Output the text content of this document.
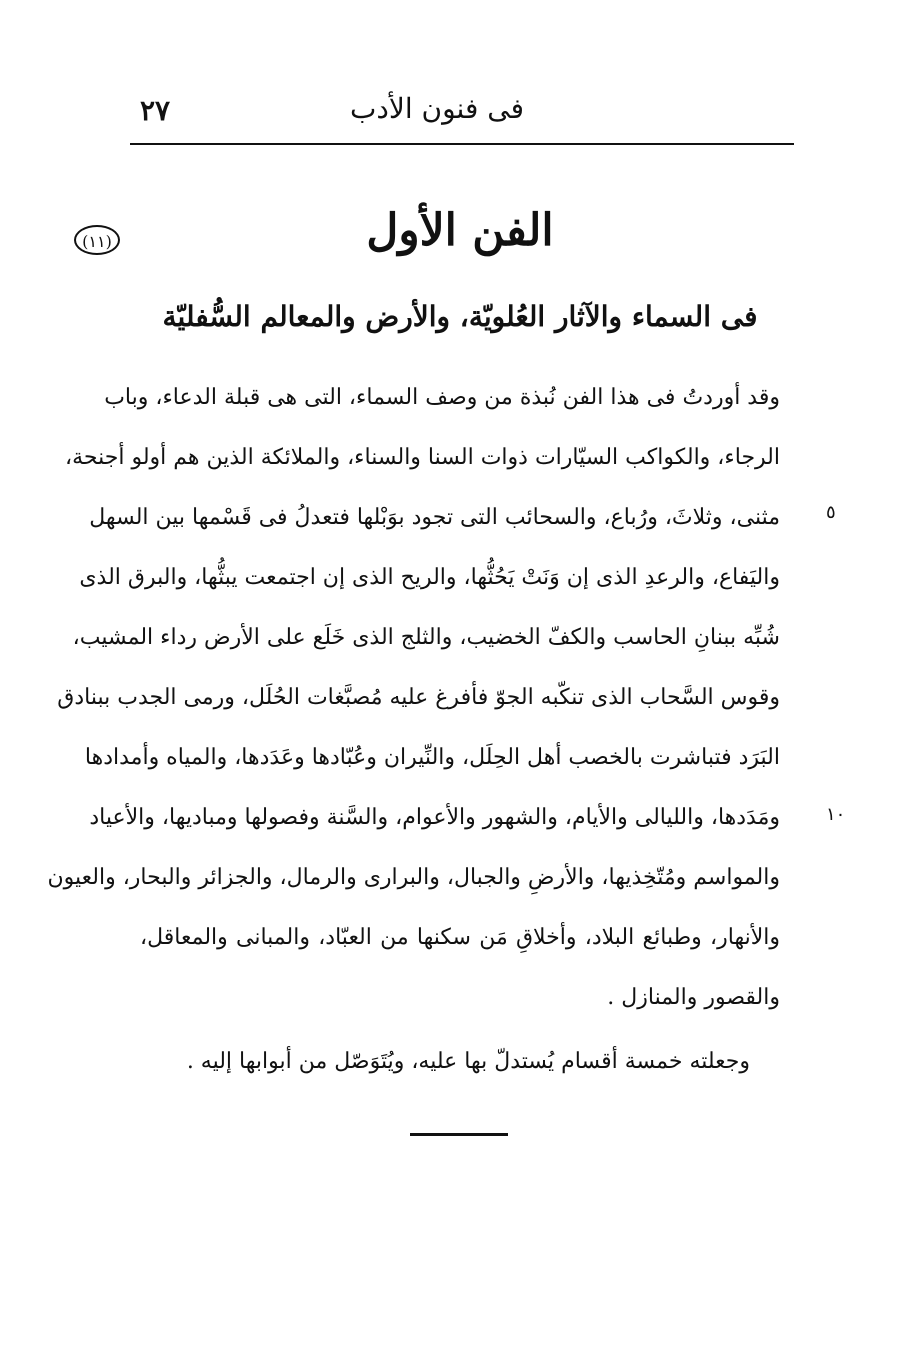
فى فنون الأدب
٢٧
(١١)	الفن الأول
فى السماء والآثار العُلويّة، والأرض والمعالم السُّفليّة
وقد أوردتُ فى هذا الفن نُبذة من وصف السماء، التى هى قبلة الدعاء، وباب
الرجاء، والكواكب السيّارات ذوات السنا والسناء، والملائكة الذين هم أولو أجنحة،
مثنى، وثلاثَ، ورُباع، والسحائب التى تجود بوَبْلها فتعدلُ فى قَسْمها بين السهل
واليَفاع، والرعدِ الذى إن وَنَتْ يَحُثُّها، والريح الذى إن اجتمعت يبثُّها، والبرق الذى
شُبِّه ببنانِ الحاسب والكفّ الخضيب، والثلج الذى خَلَع على الأرض رداء المشيب،
وقوس السَّحاب الذى تنكّبه الجوّ فأفرغ عليه مُصبَّغات الحُلَل، ورمى الجدب ببنادق
البَرَد فتباشرت بالخصب أهل الحِلَل، والنِّيران وعُبّادها وعَدَدها، والمياه وأمدادها
ومَدَدها، والليالى والأيام، والشهور والأعوام، والسَّنة وفصولها ومباديها، والأعياد
والمواسم ومُتّخِذيها، والأرضِ والجبال، والبرارى والرمال، والجزائر والبحار، والعيون
والأنهار، وطبائع البلاد، وأخلاقِ مَن سكنها من العبّاد، والمبانى والمعاقل،
والقصور والمنازل .
وجعلته خمسة أقسام يُستدلّ بها عليه، ويُتَوَصّل من أبوابها إليه .
٥
١٠
